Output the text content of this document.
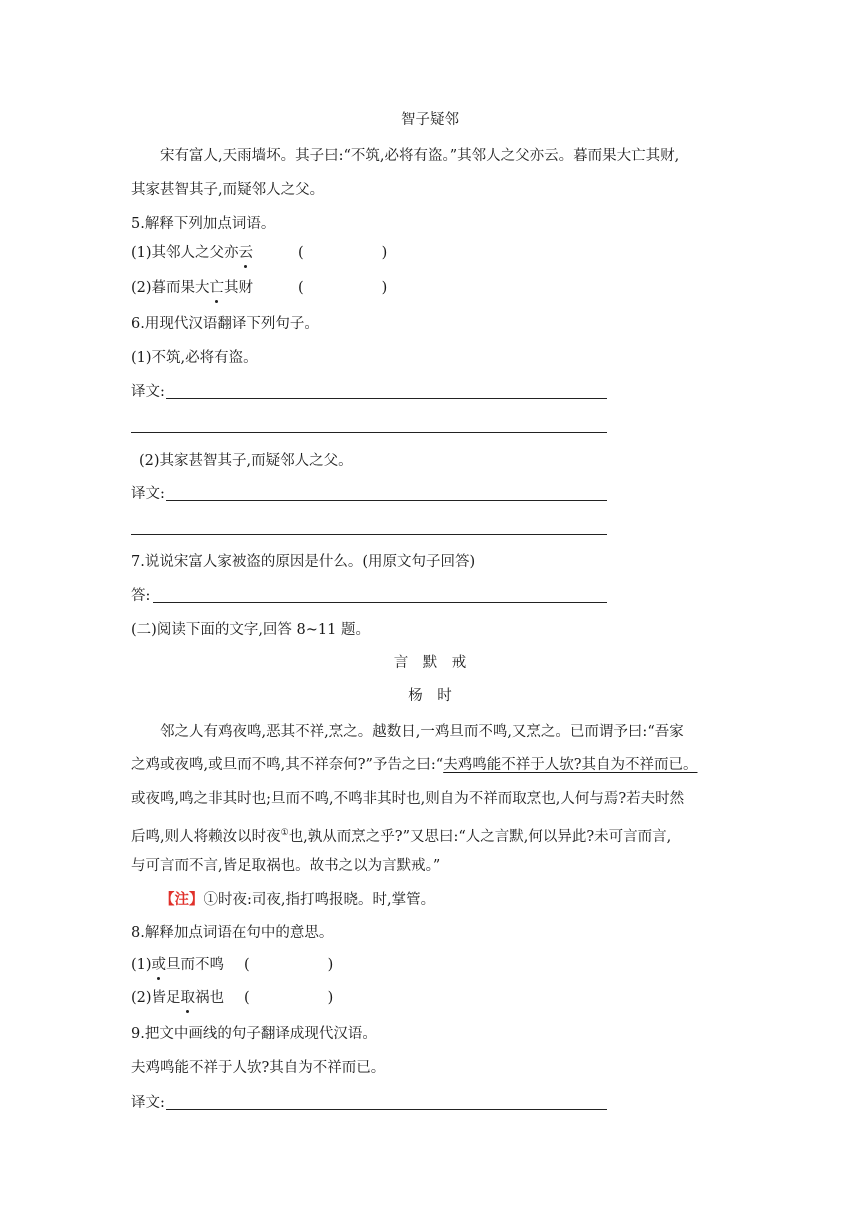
智子疑邻
宋有富人,天雨墙坏。其子曰:“不筑,必将有盗。”其邻人之父亦云。暮而果大亡其财,
其家甚智其子,而疑邻人之父。
5.解释下列加点词语。
(1)其邻人之父亦云	(	)
(2)暮而果大亡其财	(	)
6.用现代汉语翻译下列句子。
(1)不筑,必将有盗。
译文:
(2)其家甚智其子,而疑邻人之父。
译文:
7.说说宋富人家被盗的原因是什么。(用原文句子回答)
答:
(二)阅读下面的文字,回答 8~11 题。
言　默　戒
杨　时
邻之人有鸡夜鸣,恶其不祥,烹之。越数日,一鸡旦而不鸣,又烹之。已而谓予曰:“吾家
之鸡或夜鸣,或旦而不鸣,其不祥奈何?”予告之曰:“夫鸡鸣能不祥于人欤?其自为不祥而已。
或夜鸣,鸣之非其时也;旦而不鸣,不鸣非其时也,则自为不祥而取烹也,人何与焉?若夫时然
后鸣,则人将赖汝以时夜①也,孰从而烹之乎?”又思曰:“人之言默,何以异此?未可言而言,
与可言而不言,皆足取祸也。故书之以为言默戒。”
【注】①时夜:司夜,指打鸣报晓。时,掌管。
8.解释加点词语在句中的意思。
(1)或旦而不鸣 (	)
(2)皆足取祸也 (	)
9.把文中画线的句子翻译成现代汉语。
夫鸡鸣能不祥于人欤?其自为不祥而已。
译文:
